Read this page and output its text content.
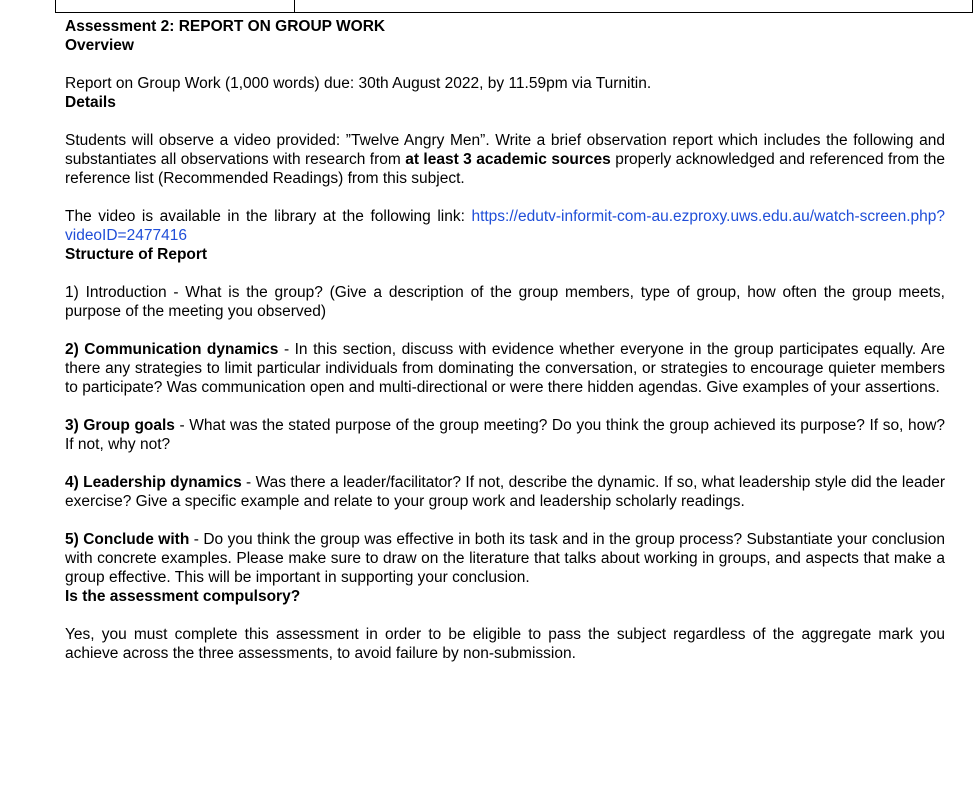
Assessment 2: REPORT ON GROUP WORK
Overview
Report on Group Work (1,000 words) due: 30th August 2022, by 11.59pm via Turnitin.
Details
Students will observe a video provided: ”Twelve Angry Men”. Write a brief observation report which includes the following and substantiates all observations with research from at least 3 academic sources properly acknowledged and referenced from the reference list (Recommended Readings) from this subject.
The video is available in the library at the following link: https://edutv-informit-com-au.ezproxy.uws.edu.au/watch-screen.php?videoID=2477416
Structure of Report
1) Introduction - What is the group? (Give a description of the group members, type of group, how often the group meets, purpose of the meeting you observed)
2) Communication dynamics - In this section, discuss with evidence whether everyone in the group participates equally. Are there any strategies to limit particular individuals from dominating the conversation, or strategies to encourage quieter members to participate? Was communication open and multi-directional or were there hidden agendas. Give examples of your assertions.
3) Group goals - What was the stated purpose of the group meeting? Do you think the group achieved its purpose? If so, how? If not, why not?
4) Leadership dynamics - Was there a leader/facilitator? If not, describe the dynamic. If so, what leadership style did the leader exercise? Give a specific example and relate to your group work and leadership scholarly readings.
5) Conclude with - Do you think the group was effective in both its task and in the group process? Substantiate your conclusion with concrete examples. Please make sure to draw on the literature that talks about working in groups, and aspects that make a group effective. This will be important in supporting your conclusion.
Is the assessment compulsory?
Yes, you must complete this assessment in order to be eligible to pass the subject regardless of the aggregate mark you achieve across the three assessments, to avoid failure by non-submission.
